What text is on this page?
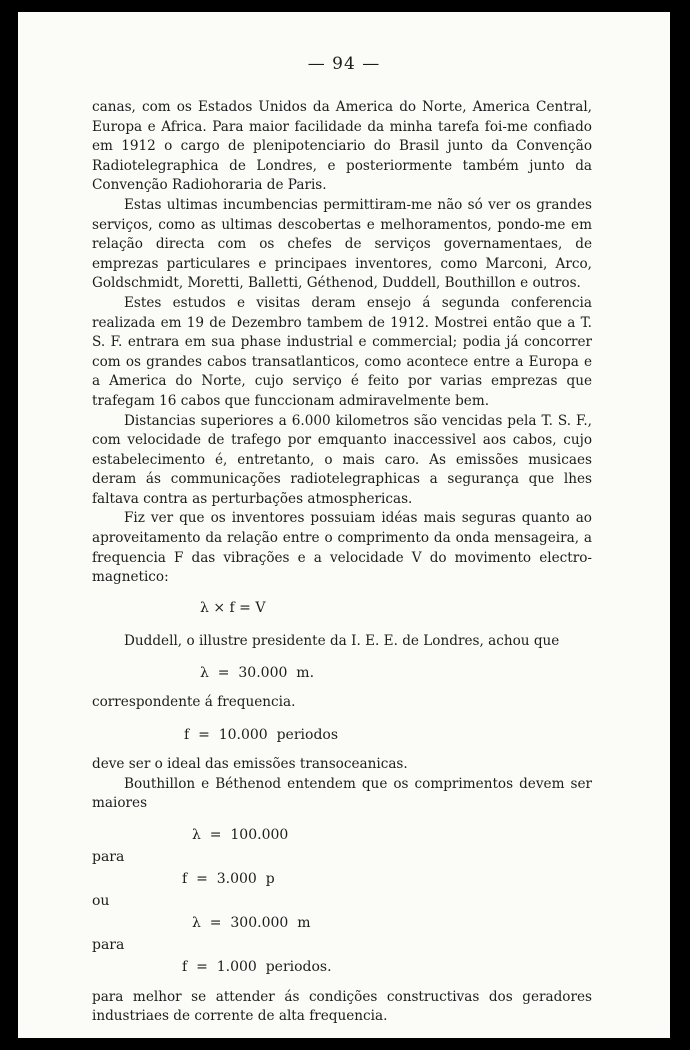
— 94 —

canas, com os Estados Unidos da America do Norte, America Central, Europa e Africa. Para maior facilidade da minha tarefa foi-me confiado em 1912 o cargo de plenipotenciario do Brasil junto da Convenção Radiotelegraphica de Londres, e posteriormente também junto da Convenção Radiohoraria de Paris.

Estas ultimas incumbencias permittiram-me não só ver os grandes serviços, como as ultimas descobertas e melhoramentos, pondo-me em relação directa com os chefes de serviços governamentaes, de emprezas particulares e principaes inventores, como Marconi, Arco, Goldschmidt, Moretti, Balletti, Géthenod, Duddell, Bouthillon e outros.

Estes estudos e visitas deram ensejo á segunda conferencia realizada em 19 de Dezembro tambem de 1912. Mostrei então que a T. S. F. entrara em sua phase industrial e commercial; podia já concorrer com os grandes cabos transatlanticos, como acontece entre a Europa e a America do Norte, cujo serviço é feito por varias emprezas que trafegam 16 cabos que funccionam admiravelmente bem.

Distancias superiores a 6.000 kilometros são vencidas pela T. S. F., com velocidade de trafego por emquanto inaccessivel aos cabos, cujo estabelecimento é, entretanto, o mais caro. As emissões musicaes deram ás communicações radiotelegraphicas a segurança que lhes faltava contra as perturbações atmosphericas.

Fiz ver que os inventores possuiam idéas mais seguras quanto ao aproveitamento da relação entre o comprimento da onda mensageira, a frequencia F das vibrações e a velocidade V do movimento electro-magnetico:

λ × f = V

Duddell, o illustre presidente da I. E. E. de Londres, achou que

λ  =  30.000  m.

correspondente á frequencia.

f  =  10.000  periodos

deve ser o ideal das emissões transoceanicas.

Bouthillon e Béthenod entendem que os comprimentos devem ser maiores

λ  =  100.000
para
f  =  3.000  p
ou
λ  =  300.000  m
para
f  =  1.000  periodos.

para melhor se attender ás condições constructivas dos geradores industriaes de corrente de alta frequencia.
